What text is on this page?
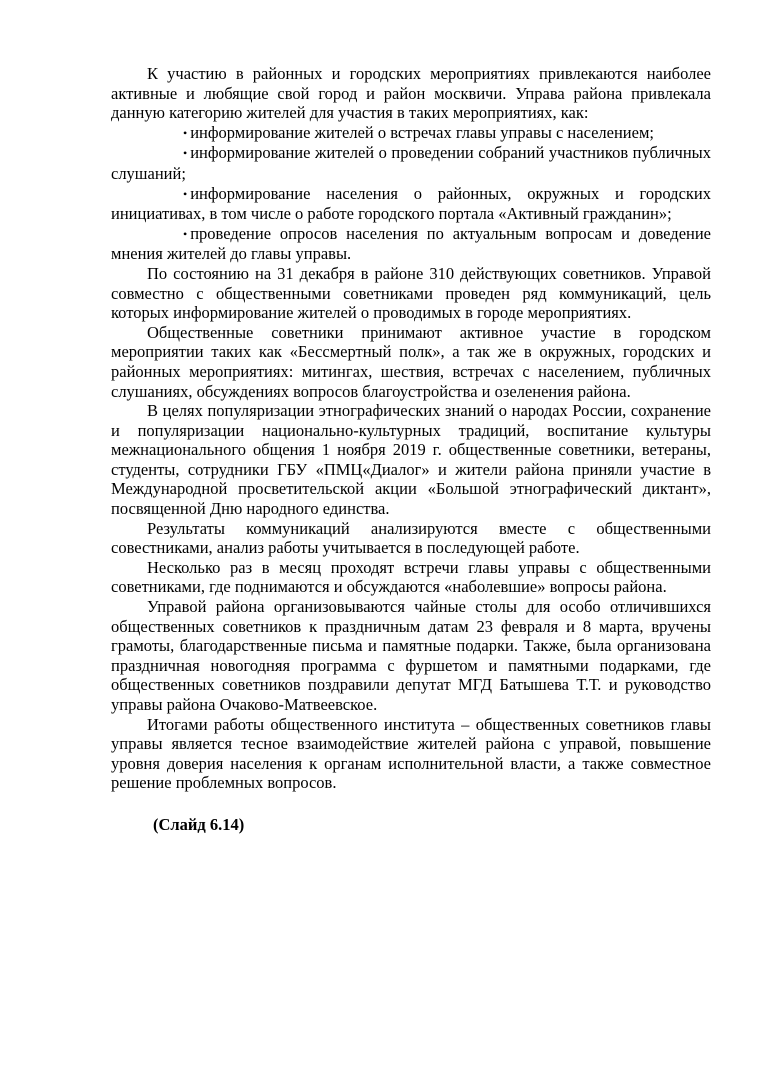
К участию в районных и городских мероприятиях привлекаются наиболее активные и любящие свой город и район москвичи. Управа района привлекала данную категорию жителей для участия в таких мероприятиях, как:

• информирование жителей о встречах главы управы с населением;

• информирование жителей о проведении собраний участников публичных слушаний;

• информирование населения о районных, окружных и городских инициативах, в том числе о работе городского портала «Активный гражданин»;

• проведение опросов населения по актуальным вопросам и доведение мнения жителей до главы управы.

По состоянию на 31 декабря в районе 310 действующих советников. Управой совместно с общественными советниками проведен ряд коммуникаций, цель которых информирование жителей о проводимых в городе мероприятиях.

Общественные советники принимают активное участие в городском мероприятии таких как «Бессмертный полк», а так же в окружных, городских и районных мероприятиях: митингах, шествия, встречах с населением, публичных слушаниях, обсуждениях вопросов благоустройства и озеленения района.

В целях популяризации этнографических знаний о народах России, сохранение и популяризации национально-культурных традиций, воспитание культуры межнационального общения 1 ноября 2019 г. общественные советники, ветераны, студенты, сотрудники ГБУ «ПМЦ«Диалог» и жители района приняли участие в Международной просветительской акции «Большой этнографический диктант», посвященной Дню народного единства.

Результаты коммуникаций анализируются вместе с общественными совестниками, анализ работы учитывается в последующей работе.

Несколько раз в месяц проходят встречи главы управы с общественными советниками, где поднимаются и обсуждаются «наболевшие» вопросы района.

Управой района организовываются чайные столы для особо отличившихся общественных советников к праздничным датам 23 февраля и 8 марта, вручены грамоты, благодарственные письма и памятные подарки. Также, была организована праздничная новогодняя программа с фуршетом и памятными подарками, где общественных советников поздравили депутат МГД Батышева Т.Т. и руководство управы района Очаково-Матвеевское.

Итогами работы общественного института – общественных советников главы управы является тесное взаимодействие жителей района с управой, повышение уровня доверия населения к органам исполнительной власти, а также совместное решение проблемных вопросов.

(Слайд 6.14)
